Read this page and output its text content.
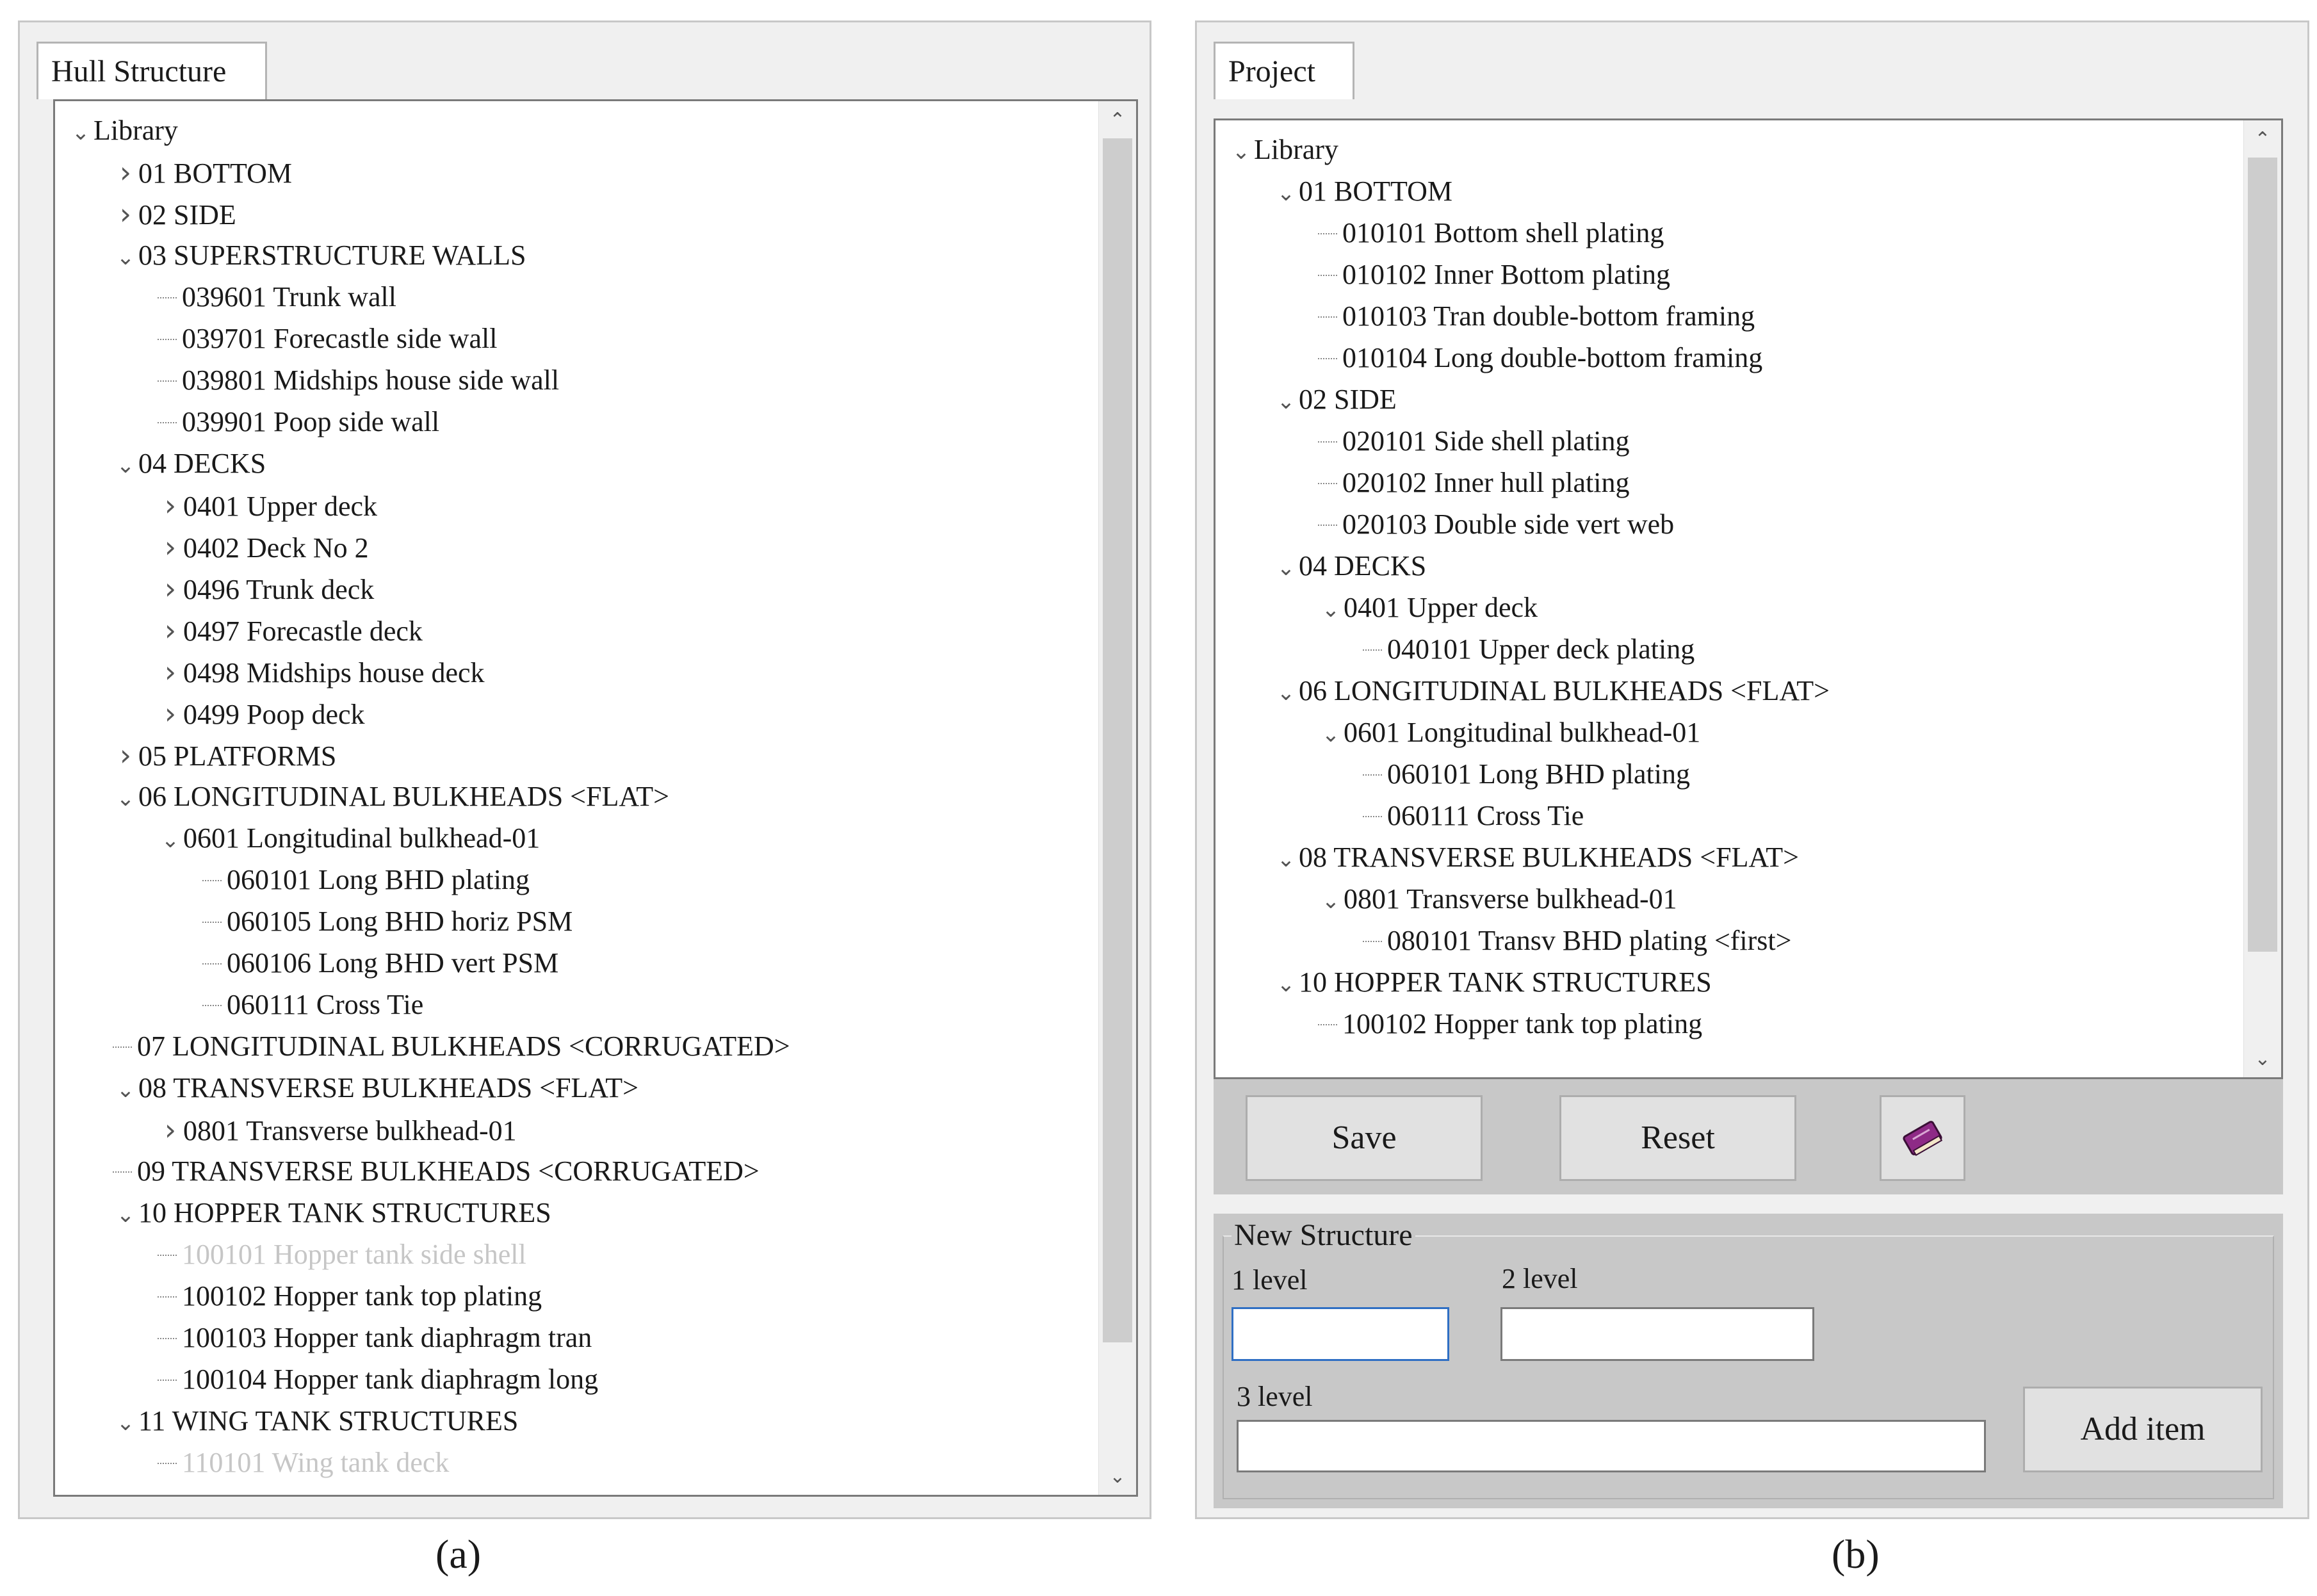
Hull Structure
⌄ Library
› 01 BOTTOM
› 02 SIDE
⌄ 03 SUPERSTRUCTURE WALLS
039601 Trunk wall
039701 Forecastle side wall
039801 Midships house side wall
039901 Poop side wall
⌄ 04 DECKS
› 0401 Upper deck
› 0402 Deck No 2
› 0496 Trunk deck
› 0497 Forecastle deck
› 0498 Midships house deck
› 0499 Poop deck
› 05 PLATFORMS
⌄ 06 LONGITUDINAL BULKHEADS <FLAT>
⌄ 0601 Longitudinal bulkhead-01
060101 Long BHD plating
060105 Long BHD horiz PSM
060106 Long BHD vert PSM
060111 Cross Tie
07 LONGITUDINAL BULKHEADS <CORRUGATED>
⌄ 08 TRANSVERSE BULKHEADS <FLAT>
› 0801 Transverse bulkhead-01
09 TRANSVERSE BULKHEADS <CORRUGATED>
⌄ 10 HOPPER TANK STRUCTURES
100101 Hopper tank side shell
100102 Hopper tank top plating
100103 Hopper tank diaphragm tran
100104 Hopper tank diaphragm long
⌄ 11 WING TANK STRUCTURES
110101 Wing tank deck
⌃
⌄
Project
⌄ Library
⌄ 01 BOTTOM
010101 Bottom shell plating
010102 Inner Bottom plating
010103 Tran double-bottom framing
010104 Long double-bottom framing
⌄ 02 SIDE
020101 Side shell plating
020102 Inner hull plating
020103 Double side vert web
⌄ 04 DECKS
⌄ 0401 Upper deck
040101 Upper deck plating
⌄ 06 LONGITUDINAL BULKHEADS <FLAT>
⌄ 0601 Longitudinal bulkhead-01
060101 Long BHD plating
060111 Cross Tie
⌄ 08 TRANSVERSE BULKHEADS <FLAT>
⌄ 0801 Transverse bulkhead-01
080101 Transv BHD plating <first>
⌄ 10 HOPPER TANK STRUCTURES
100102 Hopper tank top plating
⌃
⌄
Save	Reset
New Structure
1 level	2 level
3 level
Add item
(a)	(b)
